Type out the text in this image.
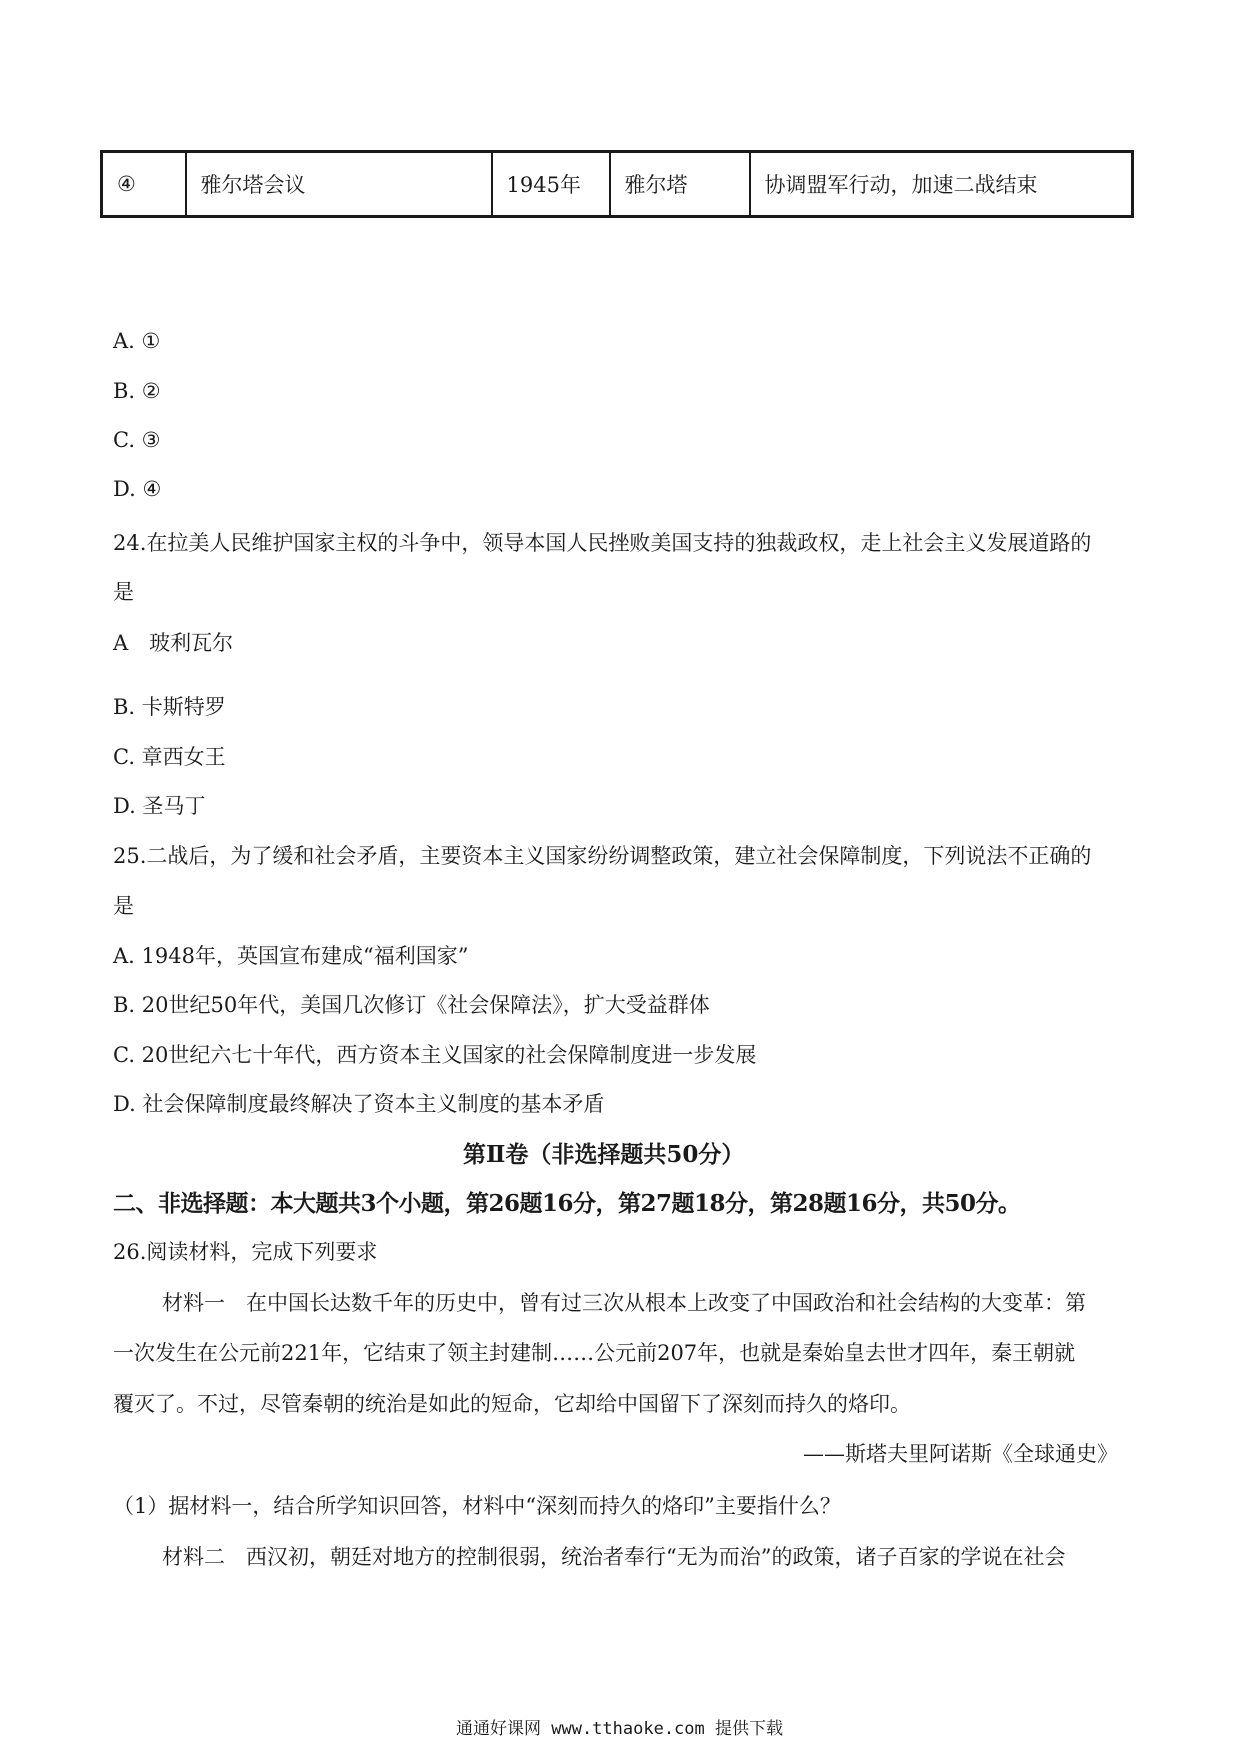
④	雅尔塔会议	1945年	雅尔塔	协调盟军行动，加速二战结束
A. ①
B. ②
C. ③
D. ④
24.在拉美人民维护国家主权的斗争中，领导本国人民挫败美国支持的独裁政权，走上社会主义发展道路的
是
A　玻利瓦尔
B. 卡斯特罗
C. 章西女王
D. 圣马丁
25.二战后，为了缓和社会矛盾，主要资本主义国家纷纷调整政策，建立社会保障制度，下列说法不正确的
是
A. 1948年，英国宣布建成“福利国家”
B. 20世纪50年代，美国几次修订《社会保障法》，扩大受益群体
C. 20世纪六七十年代，西方资本主义国家的社会保障制度进一步发展
D. 社会保障制度最终解决了资本主义制度的基本矛盾
第Ⅱ卷（非选择题共50分）
二、非选择题：本大题共3个小题，第26题16分，第27题18分，第28题16分，共50分。
26.阅读材料，完成下列要求
材料一　在中国长达数千年的历史中，曾有过三次从根本上改变了中国政治和社会结构的大变革：第
一次发生在公元前221年，它结束了领主封建制……公元前207年，也就是秦始皇去世才四年，秦王朝就
覆灭了。不过，尽管秦朝的统治是如此的短命，它却给中国留下了深刻而持久的烙印。
——斯塔夫里阿诺斯《全球通史》
（1）据材料一，结合所学知识回答，材料中“深刻而持久的烙印”主要指什么？
材料二　西汉初，朝廷对地方的控制很弱，统治者奉行“无为而治”的政策，诸子百家的学说在社会
通通好课网 www.tthaoke.com 提供下载
